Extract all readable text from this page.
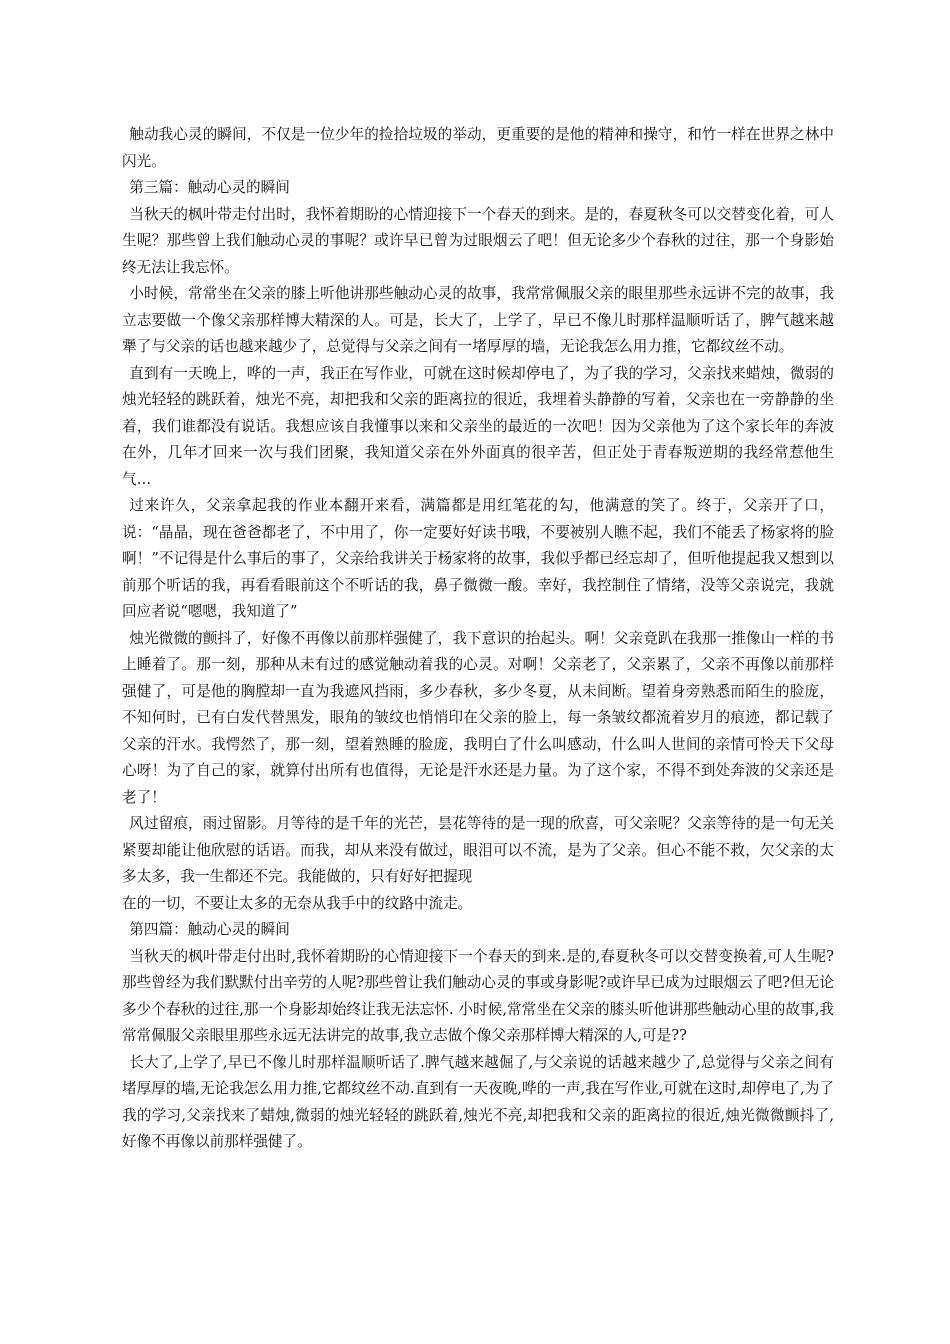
触动我心灵的瞬间，不仅是一位少年的捡拾垃圾的举动，更重要的是他的精神和操守，和竹一样在世界之林中闪光。

第三篇：触动心灵的瞬间

当秋天的枫叶带走付出时，我怀着期盼的心情迎接下一个春天的到来。是的，春夏秋冬可以交替变化着，可人生呢？那些曾上我们触动心灵的事呢？或许早已曾为过眼烟云了吧！但无论多少个春秋的过往，那一个身影始终无法让我忘怀。

小时候，常常坐在父亲的膝上听他讲那些触动心灵的故事，我常常佩服父亲的眼里那些永远讲不完的故事，我立志要做一个像父亲那样博大精深的人。可是，长大了，上学了，早已不像儿时那样温顺听话了，脾气越来越犟了与父亲的话也越来越少了，总觉得与父亲之间有一堵厚厚的墙，无论我怎么用力推，它都纹丝不动。

直到有一天晚上，哗的一声，我正在写作业，可就在这时候却停电了，为了我的学习，父亲找来蜡烛，微弱的烛光轻轻的跳跃着，烛光不亮，却把我和父亲的距离拉的很近，我埋着头静静的写着，父亲也在一旁静静的坐着，我们谁都没有说话。我想应该自我懂事以来和父亲坐的最近的一次吧！因为父亲他为了这个家长年的奔波在外，几年才回来一次与我们团聚，我知道父亲在外外面真的很辛苦，但正处于青春叛逆期的我经常惹他生气…

过来许久，父亲拿起我的作业本翻开来看，满篇都是用红笔花的勾，他满意的笑了。终于，父亲开了口，说：“晶晶，现在爸爸都老了，不中用了，你一定要好好读书哦，不要被别人瞧不起，我们不能丢了杨家将的脸啊！”不记得是什么事后的事了，父亲给我讲关于杨家将的故事，我似乎都已经忘却了，但听他提起我又想到以前那个听话的我，再看看眼前这个不听话的我，鼻子微微一酸。幸好，我控制住了情绪，没等父亲说完，我就回应者说“嗯嗯，我知道了”

烛光微微的颤抖了，好像不再像以前那样强健了，我下意识的抬起头。啊！父亲竟趴在我那一推像山一样的书上睡着了。那一刻，那种从未有过的感觉触动着我的心灵。对啊！父亲老了，父亲累了，父亲不再像以前那样强健了，可是他的胸膛却一直为我遮风挡雨，多少春秋，多少冬夏，从未间断。望着身旁熟悉而陌生的脸庞，不知何时，已有白发代替黑发，眼角的皱纹也悄悄印在父亲的脸上，每一条皱纹都流着岁月的痕迹，都记载了父亲的汗水。我愕然了，那一刻，望着熟睡的脸庞，我明白了什么叫感动，什么叫人世间的亲情可怜天下父母心呀！为了自己的家，就算付出所有也值得，无论是汗水还是力量。为了这个家，不得不到处奔波的父亲还是老了！

风过留痕，雨过留影。月等待的是千年的光芒，昙花等待的是一现的欣喜，可父亲呢？父亲等待的是一句无关紧要却能让他欣慰的话语。而我，却从来没有做过，眼泪可以不流，是为了父亲。但心不能不救，欠父亲的太多太多，我一生都还不完。我能做的，只有好好把握现

在的一切，不要让太多的无奈从我手中的纹路中流走。

第四篇：触动心灵的瞬间

当秋天的枫叶带走付出时,我怀着期盼的心情迎接下一个春天的到来.是的,春夏秋冬可以交替变换着,可人生呢?那些曾经为我们默默付出辛劳的人呢?那些曾让我们触动心灵的事或身影呢?或许早已成为过眼烟云了吧?但无论多少个春秋的过往,那一个身影却始终让我无法忘怀. 小时候,常常坐在父亲的膝头听他讲那些触动心里的故事,我常常佩服父亲眼里那些永远无法讲完的故事,我立志做个像父亲那样博大精深的人,可是??

长大了,上学了,早已不像儿时那样温顺听话了.脾气越来越倔了,与父亲说的话越来越少了,总觉得与父亲之间有堵厚厚的墙,无论我怎么用力推,它都纹丝不动.直到有一天夜晚,哗的一声,我在写作业,可就在这时,却停电了,为了我的学习,父亲找来了蜡烛,微弱的烛光轻轻的跳跃着,烛光不亮,却把我和父亲的距离拉的很近,烛光微微颤抖了,好像不再像以前那样强健了。
